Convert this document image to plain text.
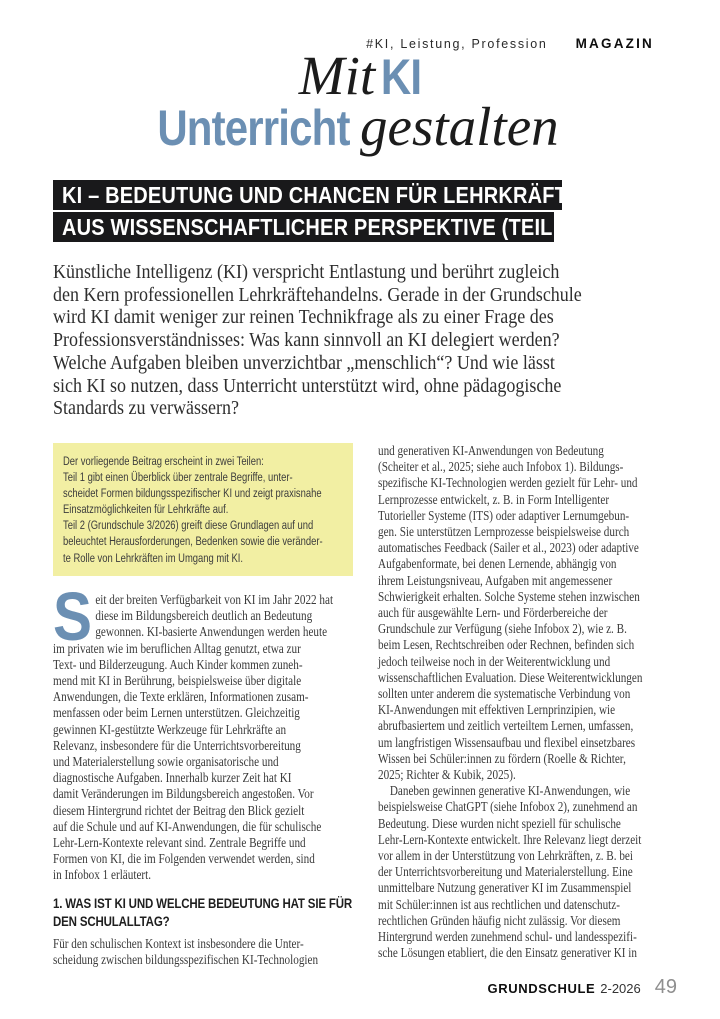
#KI, Leistung, Profession MAGAZIN
Mit KI
Unterricht gestalten
KI – BEDEUTUNG UND CHANCEN FÜR LEHRKRÄFTE
AUS WISSENSCHAFTLICHER PERSPEKTIVE (TEIL 1)
Künstliche Intelligenz (KI) verspricht Entlastung und berührt zugleich
den Kern professionellen Lehrkräftehandelns. Gerade in der Grundschule
wird KI damit weniger zur reinen Technikfrage als zu einer Frage des
Professionsverständnisses: Was kann sinnvoll an KI delegiert werden?
Welche Aufgaben bleiben unverzichtbar „menschlich“? Und wie lässt
sich KI so nutzen, dass Unterricht unterstützt wird, ohne pädagogische
Standards zu verwässern?
Der vorliegende Beitrag erscheint in zwei Teilen:
Teil 1 gibt einen Überblick über zentrale Begriffe, unter-
scheidet Formen bildungsspezifischer KI und zeigt praxisnahe
Einsatzmöglichkeiten für Lehrkräfte auf.
Teil 2 (Grundschule 3/2026) greift diese Grundlagen auf und
beleuchtet Herausforderungen, Bedenken sowie die veränder-
te Rolle von Lehrkräften im Umgang mit KI.
S eit der breiten Verfügbarkeit von KI im Jahr 2022 hat
diese im Bildungsbereich deutlich an Bedeutung
gewonnen. KI-basierte Anwendungen werden heute
im privaten wie im beruflichen Alltag genutzt, etwa zur
Text- und Bilderzeugung. Auch Kinder kommen zuneh-
mend mit KI in Berührung, beispielsweise über digitale
Anwendungen, die Texte erklären, Informationen zusam-
menfassen oder beim Lernen unterstützen. Gleichzeitig
gewinnen KI-gestützte Werkzeuge für Lehrkräfte an
Relevanz, insbesondere für die Unterrichtsvorbereitung
und Materialerstellung sowie organisatorische und
diagnostische Aufgaben. Innerhalb kurzer Zeit hat KI
damit Veränderungen im Bildungsbereich angestoßen. Vor
diesem Hintergrund richtet der Beitrag den Blick gezielt
auf die Schule und auf KI-Anwendungen, die für schulische
Lehr-Lern-Kontexte relevant sind. Zentrale Begriffe und
Formen von KI, die im Folgenden verwendet werden, sind
in Infobox 1 erläutert.
1. WAS IST KI UND WELCHE BEDEUTUNG HAT SIE FÜR
DEN SCHULALLTAG?
Für den schulischen Kontext ist insbesondere die Unter-
scheidung zwischen bildungsspezifischen KI-Technologien
und generativen KI-Anwendungen von Bedeutung
(Scheiter et al., 2025; siehe auch Infobox 1). Bildungs-
spezifische KI-Technologien werden gezielt für Lehr- und
Lernprozesse entwickelt, z. B. in Form Intelligenter
Tutorieller Systeme (ITS) oder adaptiver Lernumgebun-
gen. Sie unterstützen Lernprozesse beispielsweise durch
automatisches Feedback (Sailer et al., 2023) oder adaptive
Aufgabenformate, bei denen Lernende, abhängig von
ihrem Leistungsniveau, Aufgaben mit angemessener
Schwierigkeit erhalten. Solche Systeme stehen inzwischen
auch für ausgewählte Lern- und Förderbereiche der
Grundschule zur Verfügung (siehe Infobox 2), wie z. B.
beim Lesen, Rechtschreiben oder Rechnen, befinden sich
jedoch teilweise noch in der Weiterentwicklung und
wissenschaftlichen Evaluation. Diese Weiterentwicklungen
sollten unter anderem die systematische Verbindung von
KI-Anwendungen mit effektiven Lernprinzipien, wie
abrufbasiertem und zeitlich verteiltem Lernen, umfassen,
um langfristigen Wissensaufbau und flexibel einsetzbares
Wissen bei Schüler:innen zu fördern (Roelle & Richter,
2025; Richter & Kubik, 2025).
Daneben gewinnen generative KI-Anwendungen, wie
beispielsweise ChatGPT (siehe Infobox 2), zunehmend an
Bedeutung. Diese wurden nicht speziell für schulische
Lehr-Lern-Kontexte entwickelt. Ihre Relevanz liegt derzeit
vor allem in der Unterstützung von Lehrkräften, z. B. bei
der Unterrichtsvorbereitung und Materialerstellung. Eine
unmittelbare Nutzung generativer KI im Zusammenspiel
mit Schüler:innen ist aus rechtlichen und datenschutz-
rechtlichen Gründen häufig nicht zulässig. Vor diesem
Hintergrund werden zunehmend schul- und landesspezifi-
sche Lösungen etabliert, die den Einsatz generativer KI in
GRUNDSCHULE 2-2026 49
